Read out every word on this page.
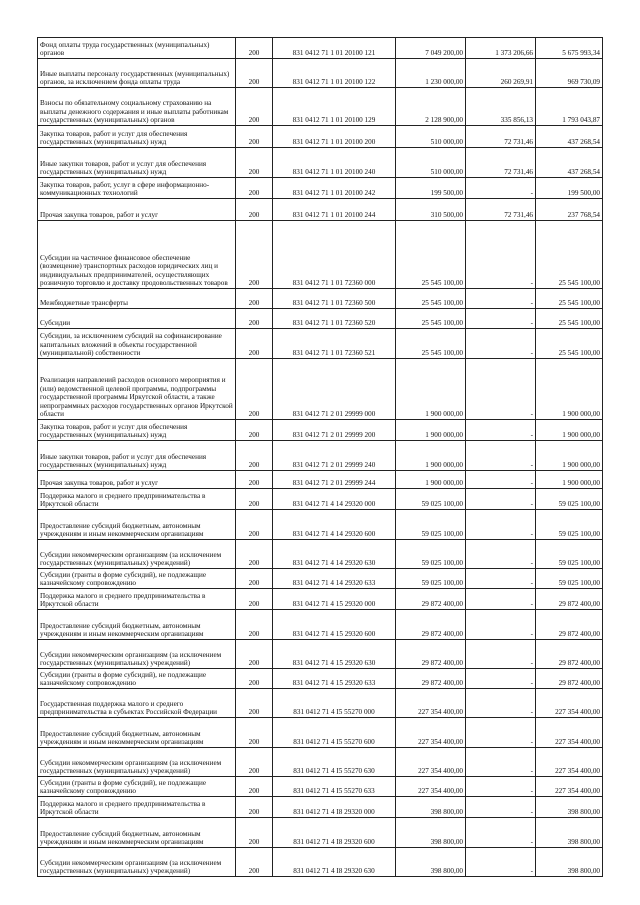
Фонд оплаты труда государственных (муниципальных) органов	200	831 0412 71 1 01 20100 121	7 049 200,00	1 373 206,66	5 675 993,34
Иные выплаты персоналу государственных (муниципальных) органов, за исключением фонда оплаты труда	200	831 0412 71 1 01 20100 122	1 230 000,00	260 269,91	969 730,09
Взносы по обязательному социальному страхованию на выплаты денежного содержания и иные выплаты работникам государственных (муниципальных) органов	200	831 0412 71 1 01 20100 129	2 128 900,00	335 856,13	1 793 043,87
Закупка товаров, работ и услуг для обеспечения государственных (муниципальных) нужд	200	831 0412 71 1 01 20100 200	510 000,00	72 731,46	437 268,54
Иные закупки товаров, работ и услуг для обеспечения государственных (муниципальных) нужд	200	831 0412 71 1 01 20100 240	510 000,00	72 731,46	437 268,54
Закупка товаров, работ, услуг в сфере информационно-коммуникационных технологий	200	831 0412 71 1 01 20100 242	199 500,00	-	199 500,00
Прочая закупка товаров, работ и услуг	200	831 0412 71 1 01 20100 244	310 500,00	72 731,46	237 768,54
Субсидии на частичное финансовое обеспечение (возмещение) транспортных расходов юридических лиц и индивидуальных предпринимателей, осуществляющих розничную торговлю и доставку продовольственных товаров	200	831 0412 71 1 01 72360 000	25 545 100,00	-	25 545 100,00
Межбюджетные трансферты	200	831 0412 71 1 01 72360 500	25 545 100,00	-	25 545 100,00
Субсидии	200	831 0412 71 1 01 72360 520	25 545 100,00	-	25 545 100,00
Субсидии, за исключением субсидий на софинансирование капитальных вложений в объекты государственной (муниципальной) собственности	200	831 0412 71 1 01 72360 521	25 545 100,00	-	25 545 100,00
Реализация направлений расходов основного мероприятия и (или) ведомственной целевой программы, подпрограммы государственной программы Иркутской области, а также непрограммных расходов государственных органов Иркутской области	200	831 0412 71 2 01 29999 000	1 900 000,00	-	1 900 000,00
Закупка товаров, работ и услуг для обеспечения государственных (муниципальных) нужд	200	831 0412 71 2 01 29999 200	1 900 000,00	-	1 900 000,00
Иные закупки товаров, работ и услуг для обеспечения государственных (муниципальных) нужд	200	831 0412 71 2 01 29999 240	1 900 000,00	-	1 900 000,00
Прочая закупка товаров, работ и услуг	200	831 0412 71 2 01 29999 244	1 900 000,00	-	1 900 000,00
Поддержка малого и среднего предпринимательства в Иркутской области	200	831 0412 71 4 14 29320 000	59 025 100,00	-	59 025 100,00
Предоставление субсидий бюджетным, автономным учреждениям и иным некоммерческим организациям	200	831 0412 71 4 14 29320 600	59 025 100,00	-	59 025 100,00
Субсидии некоммерческим организациям (за исключением государственных (муниципальных) учреждений)	200	831 0412 71 4 14 29320 630	59 025 100,00	-	59 025 100,00
Субсидии (гранты в форме субсидий), не подлежащие казначейскому сопровождению	200	831 0412 71 4 14 29320 633	59 025 100,00	-	59 025 100,00
Поддержка малого и среднего предпринимательства в Иркутской области	200	831 0412 71 4 15 29320 000	29 872 400,00	-	29 872 400,00
Предоставление субсидий бюджетным, автономным учреждениям и иным некоммерческим организациям	200	831 0412 71 4 15 29320 600	29 872 400,00	-	29 872 400,00
Субсидии некоммерческим организациям (за исключением государственных (муниципальных) учреждений)	200	831 0412 71 4 15 29320 630	29 872 400,00	-	29 872 400,00
Субсидии (гранты в форме субсидий), не подлежащие казначейскому сопровождению	200	831 0412 71 4 15 29320 633	29 872 400,00	-	29 872 400,00
Государственная поддержка малого и среднего предпринимательства в субъектах Российской Федерации	200	831 0412 71 4 I5 55270 000	227 354 400,00	-	227 354 400,00
Предоставление субсидий бюджетным, автономным учреждениям и иным некоммерческим организациям	200	831 0412 71 4 I5 55270 600	227 354 400,00	-	227 354 400,00
Субсидии некоммерческим организациям (за исключением государственных (муниципальных) учреждений)	200	831 0412 71 4 I5 55270 630	227 354 400,00	-	227 354 400,00
Субсидии (гранты в форме субсидий), не подлежащие казначейскому сопровождению	200	831 0412 71 4 I5 55270 633	227 354 400,00	-	227 354 400,00
Поддержка малого и среднего предпринимательства в Иркутской области	200	831 0412 71 4 I8 29320 000	398 800,00	-	398 800,00
Предоставление субсидий бюджетным, автономным учреждениям и иным некоммерческим организациям	200	831 0412 71 4 I8 29320 600	398 800,00	-	398 800,00
Субсидии некоммерческим организациям (за исключением государственных (муниципальных) учреждений)	200	831 0412 71 4 I8 29320 630	398 800,00	-	398 800,00
